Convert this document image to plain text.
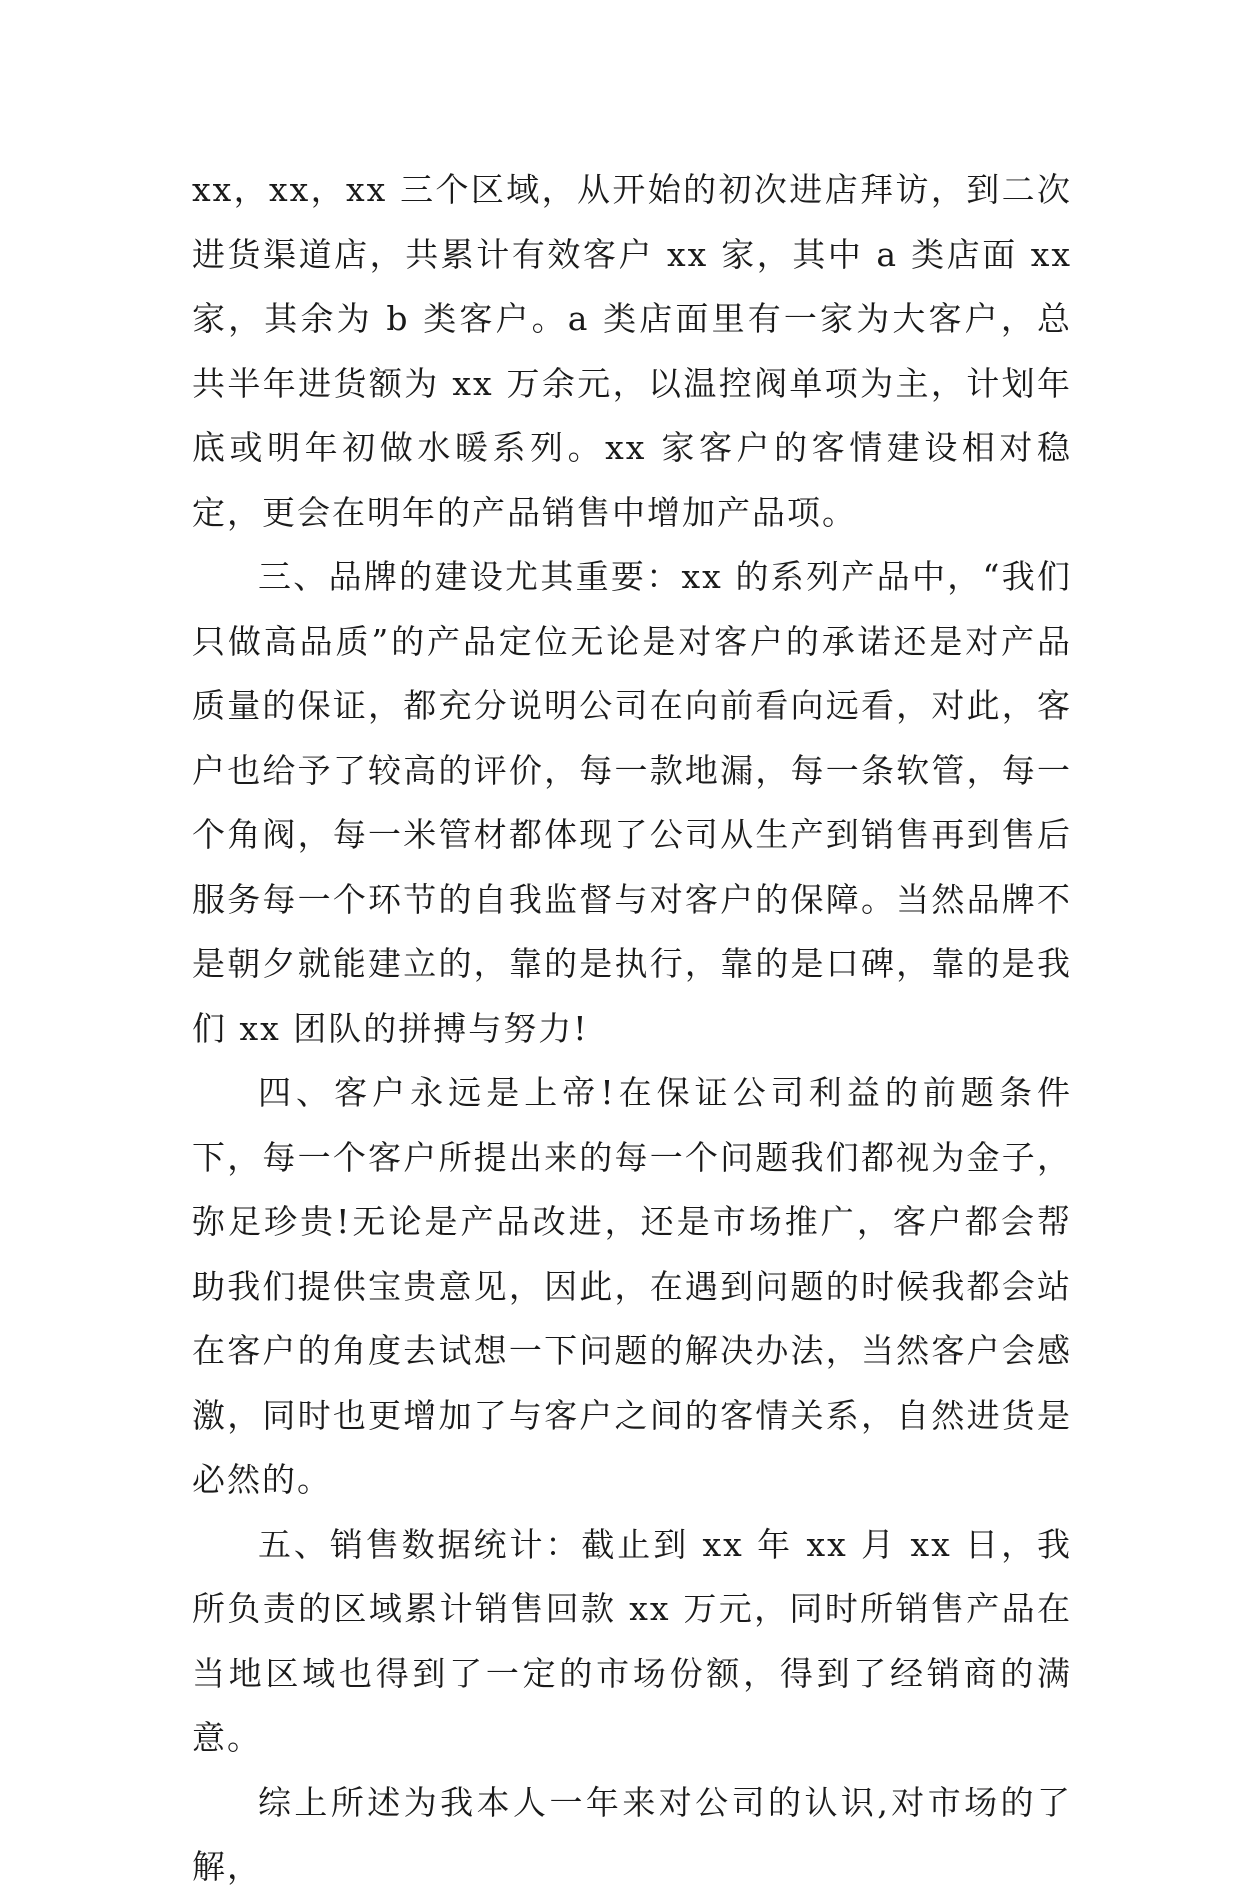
xx，xx，xx 三个区域，从开始的初次进店拜访，到二次进货渠道店，共累计有效客户 xx 家，其中 a 类店面 xx 家，其余为 b 类客户。a 类店面里有一家为大客户，总共半年进货额为 xx 万余元，以温控阀单项为主，计划年底或明年初做水暖系列。xx 家客户的客情建设相对稳定，更会在明年的产品销售中增加产品项。

三、品牌的建设尤其重要：xx 的系列产品中，“我们只做高品质”的产品定位无论是对客户的承诺还是对产品质量的保证，都充分说明公司在向前看向远看，对此，客户也给予了较高的评价，每一款地漏，每一条软管，每一个角阀，每一米管材都体现了公司从生产到销售再到售后服务每一个环节的自我监督与对客户的保障。当然品牌不是朝夕就能建立的，靠的是执行，靠的是口碑，靠的是我们 xx 团队的拼搏与努力!

四、客户永远是上帝!在保证公司利益的前题条件下，每一个客户所提出来的每一个问题我们都视为金子，弥足珍贵!无论是产品改进，还是市场推广，客户都会帮助我们提供宝贵意见，因此，在遇到问题的时候我都会站在客户的角度去试想一下问题的解决办法，当然客户会感激，同时也更增加了与客户之间的客情关系，自然进货是必然的。

五、销售数据统计：截止到 xx 年 xx 月 xx 日，我所负责的区域累计销售回款 xx 万元，同时所销售产品在当地区域也得到了一定的市场份额，得到了经销商的满意。

综上所述为我本人一年来对公司的认识,对市场的了解，
